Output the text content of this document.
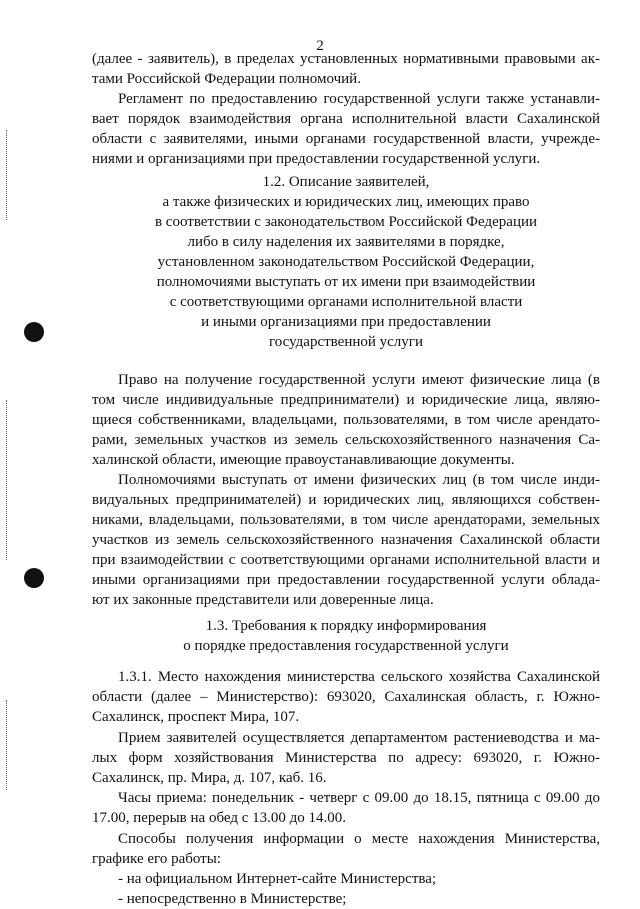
2
(далее - заявитель), в пределах установленных нормативными правовыми ак-
тами Российской Федерации полномочий.
Регламент по предоставлению государственной услуги также устанавли-
вает порядок взаимодействия органа исполнительной власти Сахалинской
области с заявителями, иными органами государственной власти, учрежде-
ниями и организациями при предоставлении государственной услуги.
1.2. Описание заявителей,
а также физических и юридических лиц, имеющих право
в соответствии с законодательством Российской Федерации
либо в силу наделения их заявителями в порядке,
установленном законодательством Российской Федерации,
полномочиями выступать от их имени при взаимодействии
с соответствующими органами исполнительной власти
и иными организациями при предоставлении
государственной услуги
Право на получение государственной услуги имеют физические лица (в
том числе индивидуальные предприниматели) и юридические лица, являю-
щиеся собственниками, владельцами, пользователями, в том числе арендато-
рами, земельных участков из земель сельскохозяйственного назначения Са-
халинской области, имеющие правоустанавливающие документы.
Полномочиями выступать от имени физических лиц (в том числе инди-
видуальных предпринимателей) и юридических лиц, являющихся собствен-
никами, владельцами, пользователями, в том числе арендаторами, земельных
участков из земель сельскохозяйственного назначения Сахалинской области
при взаимодействии с соответствующими органами исполнительной власти и
иными организациями при предоставлении государственной услуги облада-
ют их законные представители или доверенные лица.
1.3. Требования к порядку информирования
о порядке предоставления государственной услуги
1.3.1. Место нахождения министерства сельского хозяйства Сахалинской
области (далее – Министерство): 693020, Сахалинская область, г. Южно-
Сахалинск, проспект Мира, 107.
Прием заявителей осуществляется департаментом растениеводства и ма-
лых форм хозяйствования Министерства по адресу: 693020, г. Южно-
Сахалинск, пр. Мира, д. 107, каб. 16.
Часы приема: понедельник - четверг с 09.00 до 18.15, пятница с 09.00 до
17.00, перерыв на обед с 13.00 до 14.00.
Способы получения информации о месте нахождения Министерства,
графике его работы:
- на официальном Интернет-сайте Министерства;
- непосредственно в Министерстве;
